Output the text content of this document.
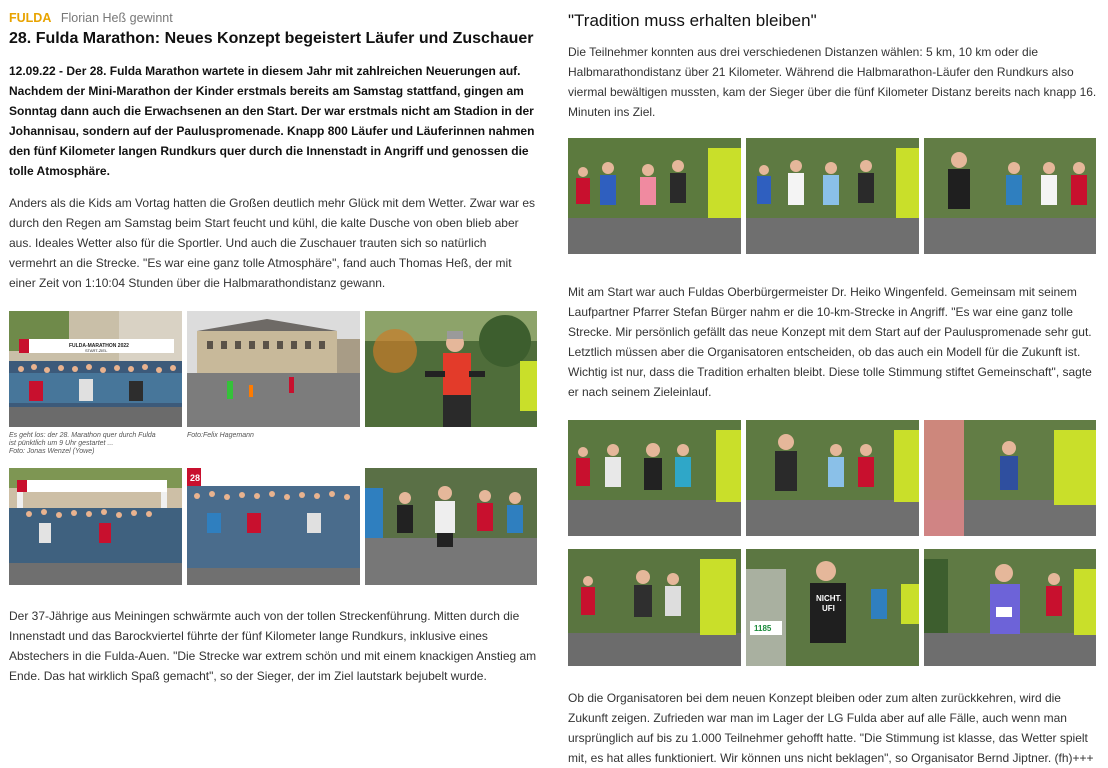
FULDA Florian Heß gewinnt
28. Fulda Marathon: Neues Konzept begeistert Läufer und Zuschauer

12.09.22 - Der 28. Fulda Marathon wartete in diesem Jahr mit zahlreichen Neuerungen auf. Nachdem der Mini-Marathon der Kinder erstmals bereits am Samstag stattfand, gingen am Sonntag dann auch die Erwachsenen an den Start. Der war erstmals nicht am Stadion in der Johannisau, sondern auf der Pauluspromenade. Knapp 800 Läufer und Läuferinnen nahmen den fünf Kilometer langen Rundkurs quer durch die Innenstadt in Angriff und genossen die tolle Atmosphäre.

Anders als die Kids am Vortag hatten die Großen deutlich mehr Glück mit dem Wetter. Zwar war es durch den Regen am Samstag beim Start feucht und kühl, die kalte Dusche von oben blieb aber aus. Ideales Wetter also für die Sportler. Und auch die Zuschauer trauten sich so natürlich vermehrt an die Strecke. "Es war eine ganz tolle Atmosphäre", fand auch Thomas Heß, der mit einer Zeit von 1:10:04 Stunden über die Halbmarathondistanz gewann.

FULDA-MARATHON 2022
START-ZIEL
Es geht los: der 28. Marathon quer durch Fulda
ist pünktlich um 9 Uhr gestartet ...
Foto: Jonas Wenzel (Yowe)
Foto:Felix Hagemann
28

Der 37-Jährige aus Meiningen schwärmte auch von der tollen Streckenführung. Mitten durch die Innenstadt und das Barockviertel führte der fünf Kilometer lange Rundkurs, inklusive eines Abstechers in die Fulda-Auen. "Die Strecke war extrem schön und mit einem knackigen Anstieg am Ende. Das hat wirklich Spaß gemacht", so der Sieger, der im Ziel lautstark bejubelt wurde.

"Tradition muss erhalten bleiben"

Die Teilnehmer konnten aus drei verschiedenen Distanzen wählen: 5 km, 10 km oder die Halbmarathondistanz über 21 Kilometer. Während die Halbmarathon-Läufer den Rundkurs also viermal bewältigen mussten, kam der Sieger über die fünf Kilometer Distanz bereits nach knapp 16. Minuten ins Ziel.

Mit am Start war auch Fuldas Oberbürgermeister Dr. Heiko Wingenfeld. Gemeinsam mit seinem Laufpartner Pfarrer Stefan Bürger nahm er die 10-km-Strecke in Angriff. "Es war eine ganz tolle Strecke. Mir persönlich gefällt das neue Konzept mit dem Start auf der Pauluspromenade sehr gut. Letztlich müssen aber die Organisatoren entscheiden, ob das auch ein Modell für die Zukunft ist. Wichtig ist nur, dass die Tradition erhalten bleibt. Diese tolle Stimmung stiftet Gemeinschaft", sagte er nach seinem Zieleinlauf.

1185
NICHT.
UFI

Ob die Organisatoren bei dem neuen Konzept bleiben oder zum alten zurückkehren, wird die Zukunft zeigen. Zufrieden war man im Lager der LG Fulda aber auf alle Fälle, auch wenn man ursprünglich auf bis zu 1.000 Teilnehmer gehofft hatte. "Die Stimmung ist klasse, das Wetter spielt mit, es hat alles funktioniert. Wir können uns nicht beklagen", so Organisator Bernd Jiptner. (fh)+++
